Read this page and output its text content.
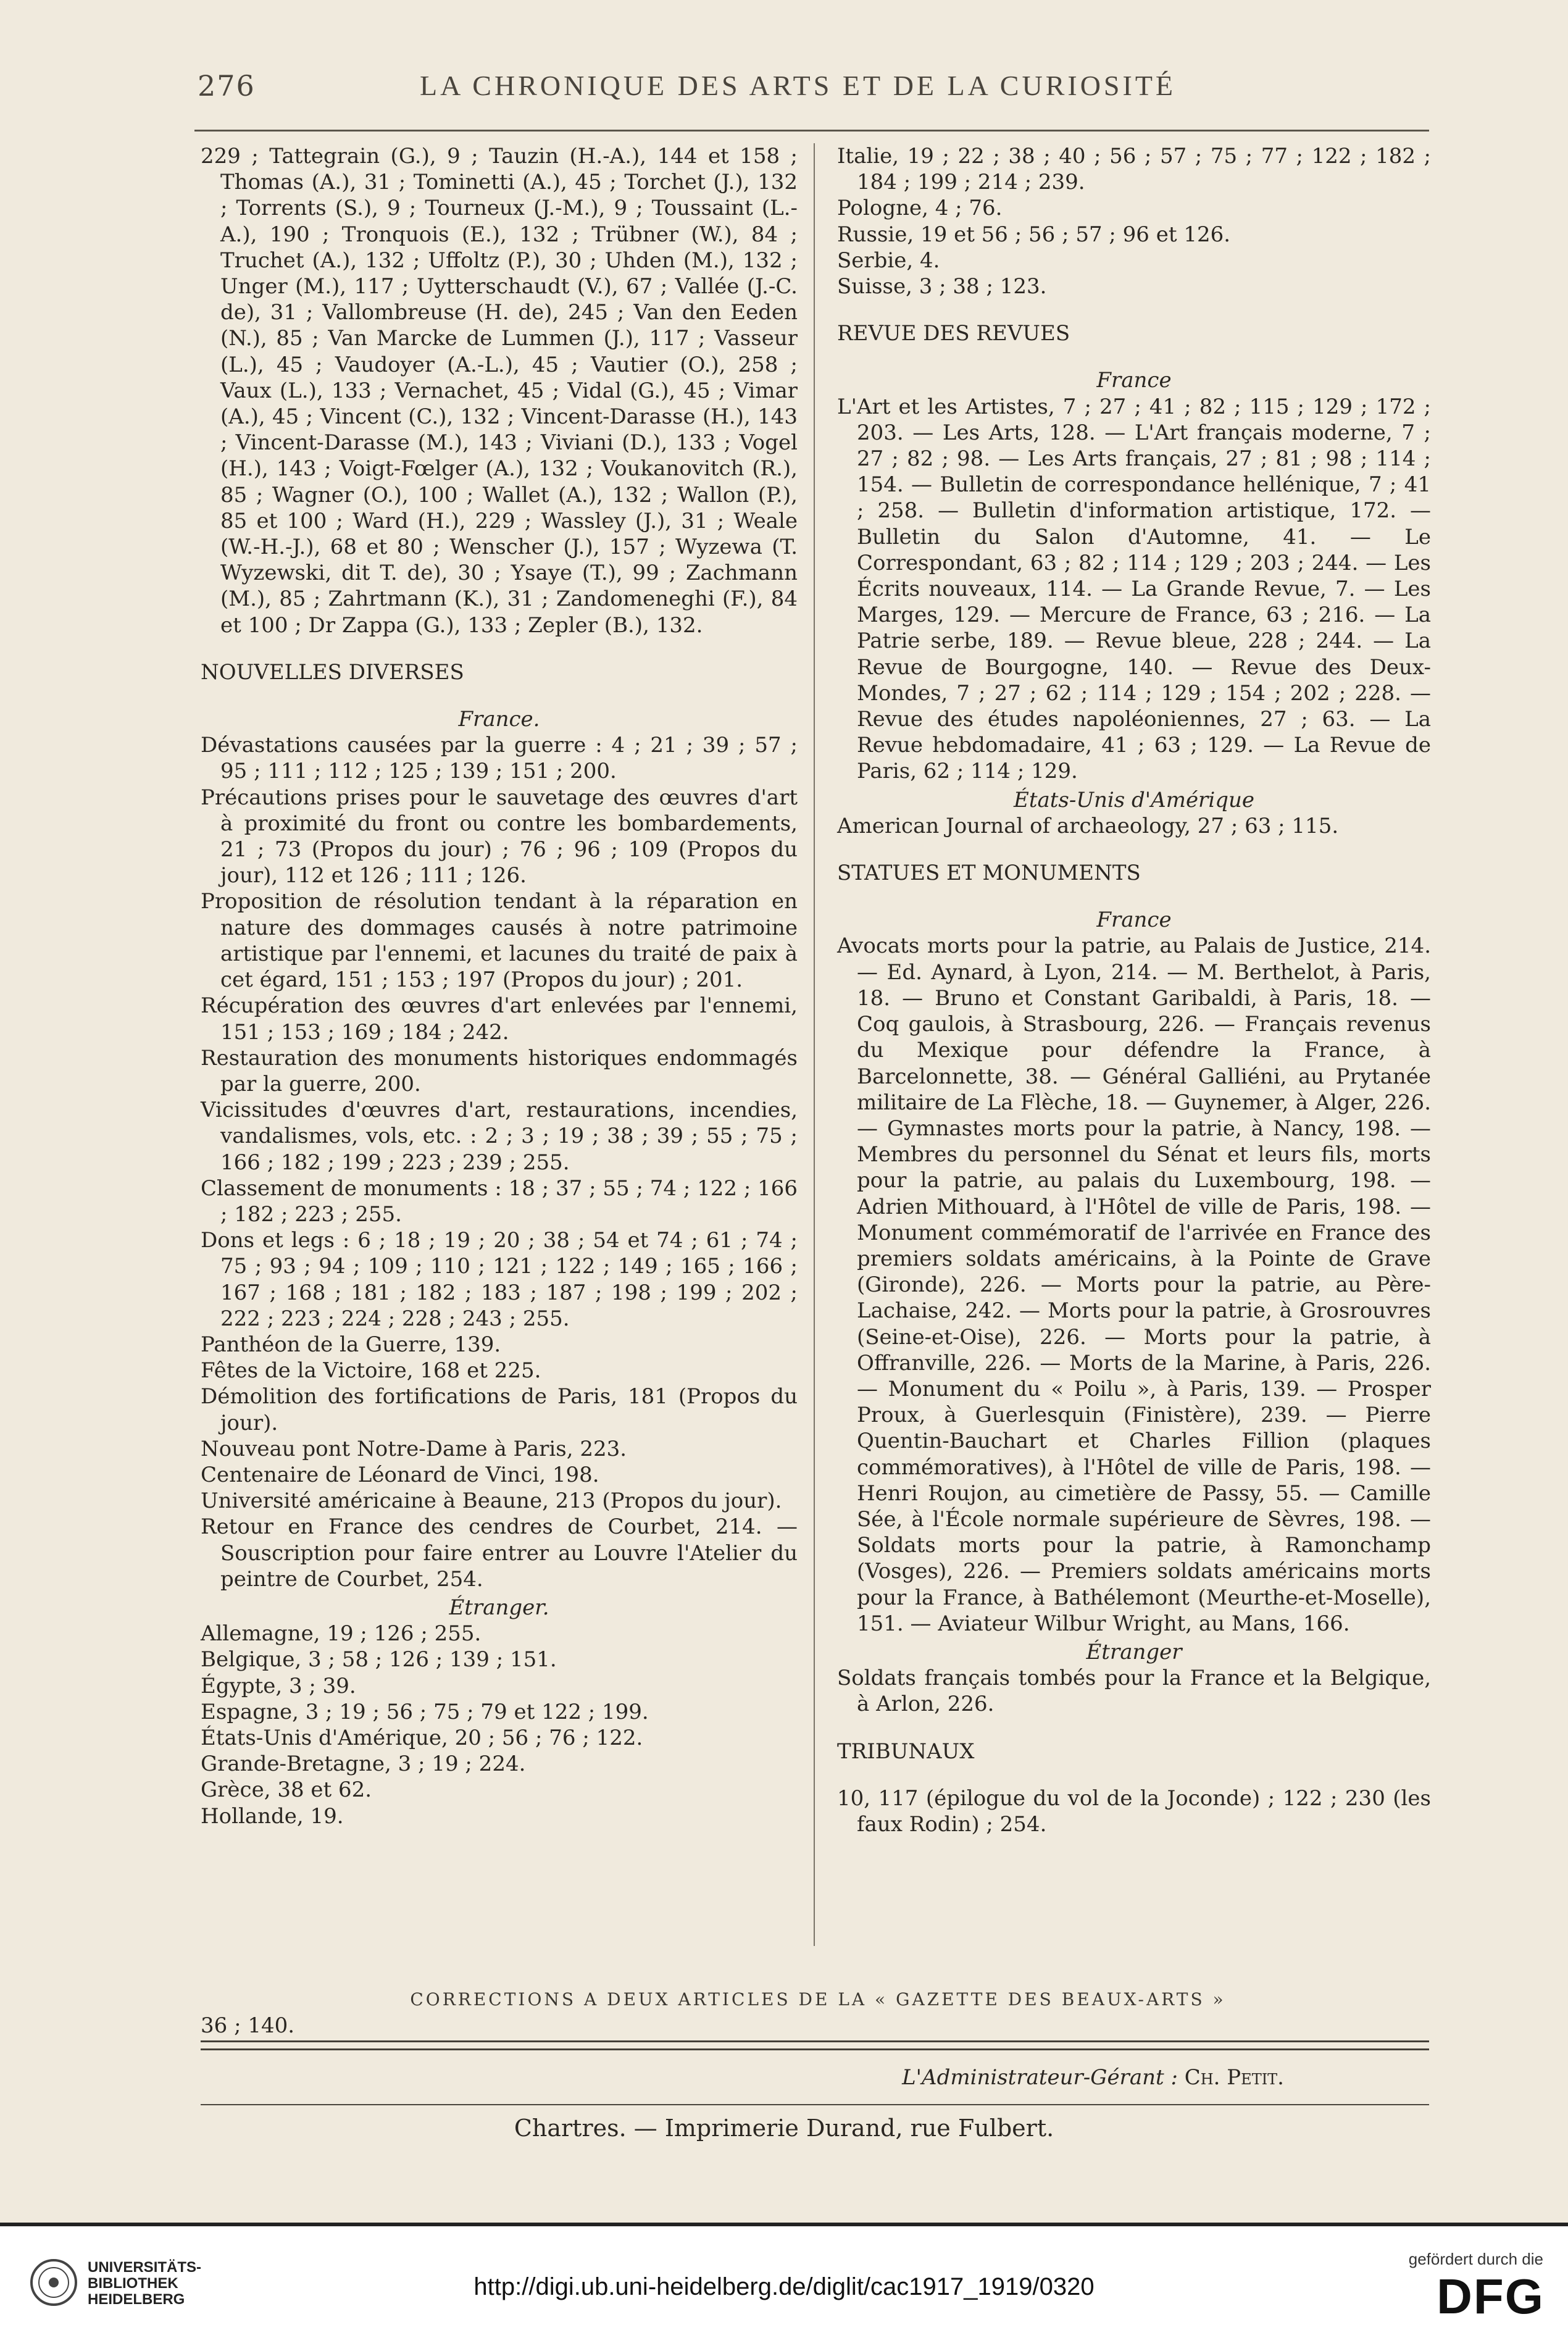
276	LA CHRONIQUE DES ARTS ET DE LA CURIOSITÉ

229 ; Tattegrain (G.), 9 ; Tauzin (H.-A.), 144 et 158 ; Thomas (A.), 31 ; Tominetti (A.), 45 ; Torchet (J.), 132 ; Torrents (S.), 9 ; Tourneux (J.-M.), 9 ; Toussaint (L.-A.), 190 ; Tronquois (E.), 132 ; Trübner (W.), 84 ; Truchet (A.), 132 ; Uffoltz (P.), 30 ; Uhden (M.), 132 ; Unger (M.), 117 ; Uytterschaudt (V.), 67 ; Vallée (J.-C. de), 31 ; Vallombreuse (H. de), 245 ; Van den Eeden (N.), 85 ; Van Marcke de Lummen (J.), 117 ; Vasseur (L.), 45 ; Vaudoyer (A.-L.), 45 ; Vautier (O.), 258 ; Vaux (L.), 133 ; Vernachet, 45 ; Vidal (G.), 45 ; Vimar (A.), 45 ; Vincent (C.), 132 ; Vincent-Darasse (H.), 143 ; Vincent-Darasse (M.), 143 ; Viviani (D.), 133 ; Vogel (H.), 143 ; Voigt-Fœlger (A.), 132 ; Voukanovitch (R.), 85 ; Wagner (O.), 100 ; Wallet (A.), 132 ; Wallon (P.), 85 et 100 ; Ward (H.), 229 ; Wassley (J.), 31 ; Weale (W.-H.-J.), 68 et 80 ; Wenscher (J.), 157 ; Wyzewa (T. Wyzewski, dit T. de), 30 ; Ysaye (T.), 99 ; Zachmann (M.), 85 ; Zahrtmann (K.), 31 ; Zandomeneghi (F.), 84 et 100 ; Dr Zappa (G.), 133 ; Zepler (B.), 132.

NOUVELLES DIVERSES

France.

Dévastations causées par la guerre : 4 ; 21 ; 39 ; 57 ; 95 ; 111 ; 112 ; 125 ; 139 ; 151 ; 200.

Précautions prises pour le sauvetage des œuvres d'art à proximité du front ou contre les bombardements, 21 ; 73 (Propos du jour) ; 76 ; 96 ; 109 (Propos du jour), 112 et 126 ; 111 ; 126.

Proposition de résolution tendant à la réparation en nature des dommages causés à notre patrimoine artistique par l'ennemi, et lacunes du traité de paix à cet égard, 151 ; 153 ; 197 (Propos du jour) ; 201.

Récupération des œuvres d'art enlevées par l'ennemi, 151 ; 153 ; 169 ; 184 ; 242.

Restauration des monuments historiques endommagés par la guerre, 200.

Vicissitudes d'œuvres d'art, restaurations, incendies, vandalismes, vols, etc. : 2 ; 3 ; 19 ; 38 ; 39 ; 55 ; 75 ; 166 ; 182 ; 199 ; 223 ; 239 ; 255.

Classement de monuments : 18 ; 37 ; 55 ; 74 ; 122 ; 166 ; 182 ; 223 ; 255.

Dons et legs : 6 ; 18 ; 19 ; 20 ; 38 ; 54 et 74 ; 61 ; 74 ; 75 ; 93 ; 94 ; 109 ; 110 ; 121 ; 122 ; 149 ; 165 ; 166 ; 167 ; 168 ; 181 ; 182 ; 183 ; 187 ; 198 ; 199 ; 202 ; 222 ; 223 ; 224 ; 228 ; 243 ; 255.

Panthéon de la Guerre, 139.

Fêtes de la Victoire, 168 et 225.

Démolition des fortifications de Paris, 181 (Propos du jour).

Nouveau pont Notre-Dame à Paris, 223.

Centenaire de Léonard de Vinci, 198.

Université américaine à Beaune, 213 (Propos du jour).

Retour en France des cendres de Courbet, 214. — Souscription pour faire entrer au Louvre l'Atelier du peintre de Courbet, 254.

Étranger.

Allemagne, 19 ; 126 ; 255.

Belgique, 3 ; 58 ; 126 ; 139 ; 151.

Égypte, 3 ; 39.

Espagne, 3 ; 19 ; 56 ; 75 ; 79 et 122 ; 199.

États-Unis d'Amérique, 20 ; 56 ; 76 ; 122.

Grande-Bretagne, 3 ; 19 ; 224.

Grèce, 38 et 62.

Hollande, 19.

Italie, 19 ; 22 ; 38 ; 40 ; 56 ; 57 ; 75 ; 77 ; 122 ; 182 ; 184 ; 199 ; 214 ; 239.

Pologne, 4 ; 76.

Russie, 19 et 56 ; 56 ; 57 ; 96 et 126.

Serbie, 4.

Suisse, 3 ; 38 ; 123.

REVUE DES REVUES

France

L'Art et les Artistes, 7 ; 27 ; 41 ; 82 ; 115 ; 129 ; 172 ; 203. — Les Arts, 128. — L'Art français moderne, 7 ; 27 ; 82 ; 98. — Les Arts français, 27 ; 81 ; 98 ; 114 ; 154. — Bulletin de correspondance hellénique, 7 ; 41 ; 258. — Bulletin d'information artistique, 172. — Bulletin du Salon d'Automne, 41. — Le Correspondant, 63 ; 82 ; 114 ; 129 ; 203 ; 244. — Les Écrits nouveaux, 114. — La Grande Revue, 7. — Les Marges, 129. — Mercure de France, 63 ; 216. — La Patrie serbe, 189. — Revue bleue, 228 ; 244. — La Revue de Bourgogne, 140. — Revue des Deux-Mondes, 7 ; 27 ; 62 ; 114 ; 129 ; 154 ; 202 ; 228. — Revue des études napoléoniennes, 27 ; 63. — La Revue hebdomadaire, 41 ; 63 ; 129. — La Revue de Paris, 62 ; 114 ; 129.

États-Unis d'Amérique

American Journal of archaeology, 27 ; 63 ; 115.

STATUES ET MONUMENTS

France

Avocats morts pour la patrie, au Palais de Justice, 214. — Ed. Aynard, à Lyon, 214. — M. Berthelot, à Paris, 18. — Bruno et Constant Garibaldi, à Paris, 18. — Coq gaulois, à Strasbourg, 226. — Français revenus du Mexique pour défendre la France, à Barcelonnette, 38. — Général Galliéni, au Prytanée militaire de La Flèche, 18. — Guynemer, à Alger, 226. — Gymnastes morts pour la patrie, à Nancy, 198. — Membres du personnel du Sénat et leurs fils, morts pour la patrie, au palais du Luxembourg, 198. — Adrien Mithouard, à l'Hôtel de ville de Paris, 198. — Monument commémoratif de l'arrivée en France des premiers soldats américains, à la Pointe de Grave (Gironde), 226. — Morts pour la patrie, au Père-Lachaise, 242. — Morts pour la patrie, à Grosrouvres (Seine-et-Oise), 226. — Morts pour la patrie, à Offranville, 226. — Morts de la Marine, à Paris, 226. — Monument du « Poilu », à Paris, 139. — Prosper Proux, à Guerlesquin (Finistère), 239. — Pierre Quentin-Bauchart et Charles Fillion (plaques commémoratives), à l'Hôtel de ville de Paris, 198. — Henri Roujon, au cimetière de Passy, 55. — Camille Sée, à l'École normale supérieure de Sèvres, 198. — Soldats morts pour la patrie, à Ramonchamp (Vosges), 226. — Premiers soldats américains morts pour la France, à Bathélemont (Meurthe-et-Moselle), 151. — Aviateur Wilbur Wright, au Mans, 166.

Étranger

Soldats français tombés pour la France et la Belgique, à Arlon, 226.

TRIBUNAUX

10, 117 (épilogue du vol de la Joconde) ; 122 ; 230 (les faux Rodin) ; 254.

CORRECTIONS A DEUX ARTICLES DE LA « GAZETTE DES BEAUX-ARTS »
36 ; 140.
L'Administrateur-Gérant : Ch. Petit.
Chartres. — Imprimerie Durand, rue Fulbert.
UNIVERSITÄTS-
BIBLIOTHEK
HEIDELBERG	http://digi.ub.uni-heidelberg.de/diglit/cac1917_1919/0320
gefördert durch die
DFG
